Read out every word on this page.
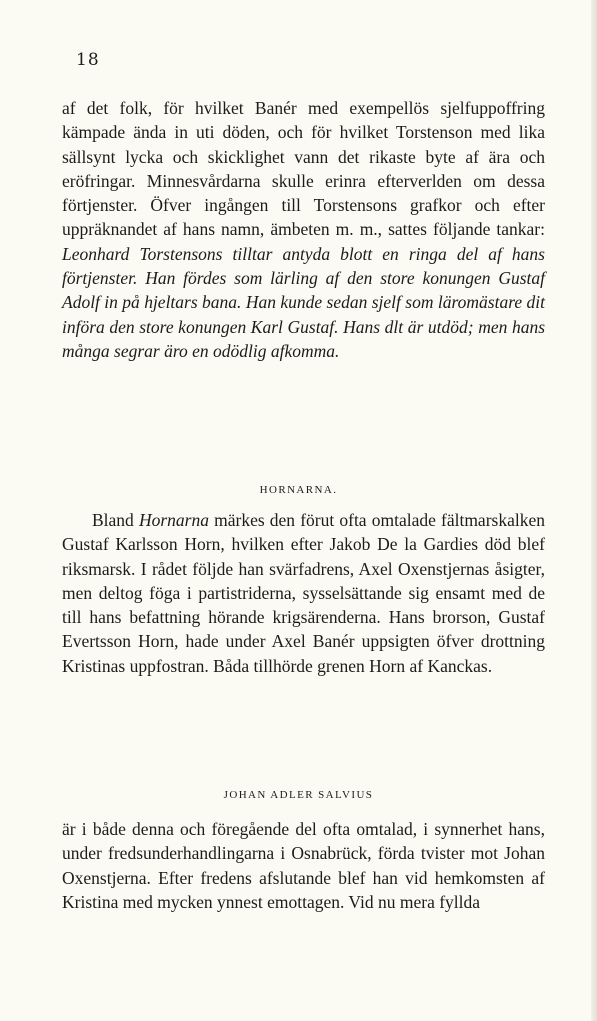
18

af det folk, för hvilket Banér med exempellös sjelfuppoffring kämpade ända in uti döden, och för hvilket Torstenson med lika sällsynt lycka och skicklighet vann det rikaste byte af ära och eröfringar. Minnesvårdarna skulle erinra efterverlden om dessa förtjenster. Öfver ingången till Torstensons grafkor och efter uppräknandet af hans namn, ämbeten m. m., sattes följande tankar: Leonhard Torstensons tilltar antyda blott en ringa del af hans förtjenster. Han fördes som lärling af den store konungen Gustaf Adolf in på hjeltars bana. Han kunde sedan sjelf som läromästare dit införa den store konungen Karl Gustaf. Hans dlt är utdöd; men hans många segrar äro en odödlig afkomma.

HORNARNA.

Bland Hornarna märkes den förut ofta omtalade fältmarskalken Gustaf Karlsson Horn, hvilken efter Jakob De la Gardies död blef riksmarsk. I rådet följde han svärfadrens, Axel Oxenstjernas åsigter, men deltog föga i partistriderna, sysselsättande sig ensamt med de till hans befattning hörande krigsärenderna. Hans brorson, Gustaf Evertsson Horn, hade under Axel Banér uppsigten öfver drottning Kristinas uppfostran. Båda tillhörde grenen Horn af Kanckas.

JOHAN ADLER SALVIUS

är i både denna och föregående del ofta omtalad, i synnerhet hans, under fredsunderhandlingarna i Osnabrück, förda tvister mot Johan Oxenstjerna. Efter fredens afslutande blef han vid hemkomsten af Kristina med mycken ynnest emottagen. Vid nu mera fyllda
